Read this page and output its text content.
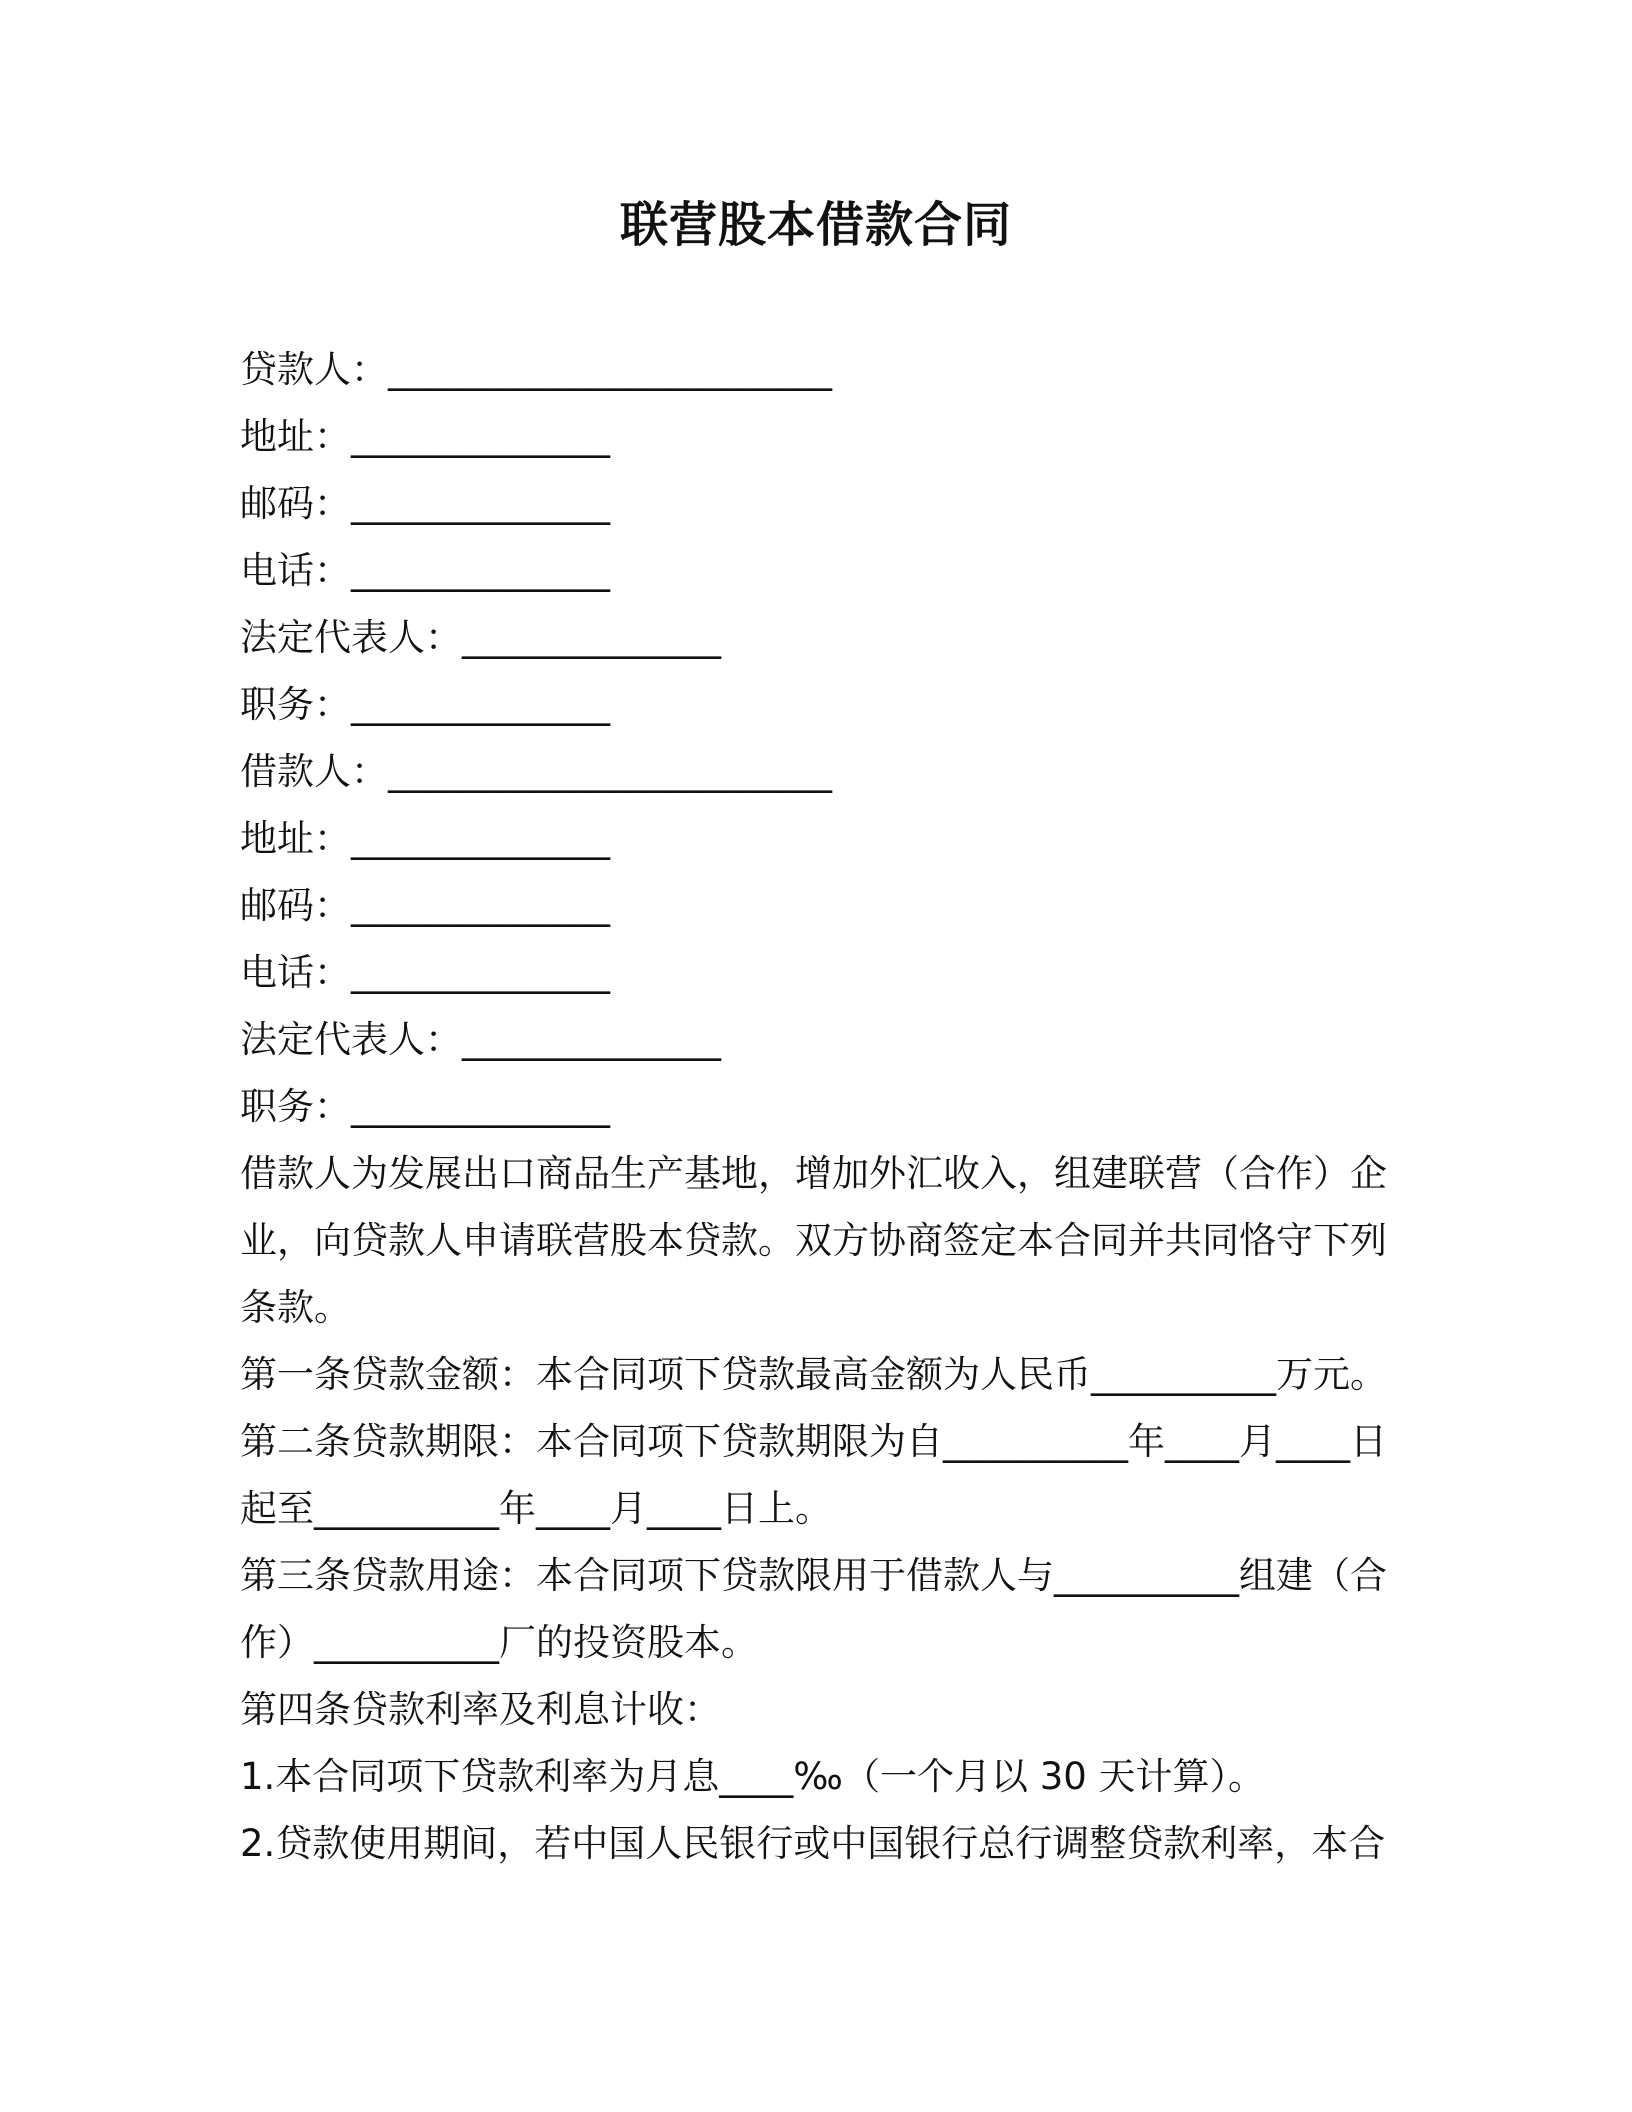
联营股本借款合同
贷款人：________________________
地址：______________
邮码：______________
电话：______________
法定代表人：______________
职务：______________
借款人：________________________
地址：______________
邮码：______________
电话：______________
法定代表人：______________
职务：______________
借款人为发展出口商品生产基地，增加外汇收入，组建联营（合作）企业，向贷款人申请联营股本贷款。双方协商签定本合同并共同恪守下列条款。
第一条贷款金额：本合同项下贷款最高金额为人民币__________万元。
第二条贷款期限：本合同项下贷款期限为自__________年____月____日起至__________年____月____日上。
第三条贷款用途：本合同项下贷款限用于借款人与__________组建（合作）__________厂的投资股本。
第四条贷款利率及利息计收：
1.本合同项下贷款利率为月息____‰（一个月以 30 天计算）。
2.贷款使用期间，若中国人民银行或中国银行总行调整贷款利率，本合
